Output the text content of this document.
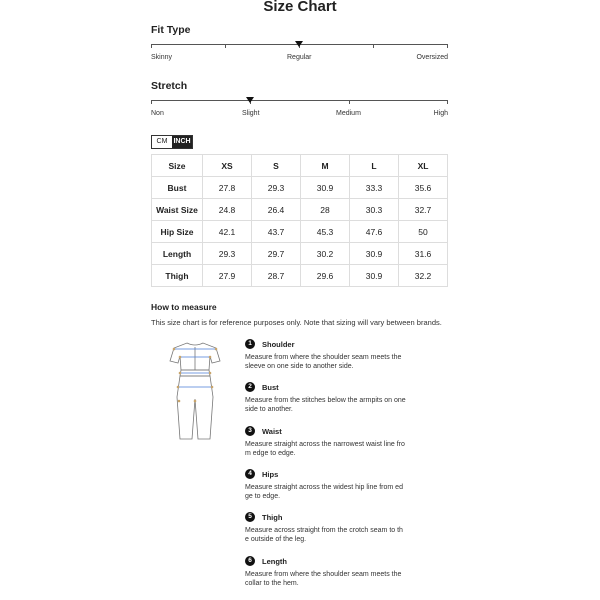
Size Chart
Fit Type
Skinny	Regular	Oversized
Stretch
Non	Slight	Medium	High
CM INCH
Size	XS	S	M	L	XL
Bust	27.8	29.3	30.9	33.3	35.6
Waist Size	24.8	26.4	28	30.3	32.7
Hip Size	42.1	43.7	45.3	47.6	50
Length	29.3	29.7	30.2	30.9	31.6
Thigh	27.9	28.7	29.6	30.9	32.2
How to measure
This size chart is for reference purposes only. Note that sizing will vary between brands.
1	Shoulder
Measure from where the shoulder seam meets the
sleeve on one side to another side.
2	Bust
Measure from the stitches below the armpits on one
side to another.
3	Waist
Measure straight across the narrowest waist line fro
m edge to edge.
4	Hips
Measure straight across the widest hip line from ed
ge to edge.
5	Thigh
Measure across straight from the crotch seam to th
e outside of the leg.
6	Length
Measure from where the shoulder seam meets the
collar to the hem.
